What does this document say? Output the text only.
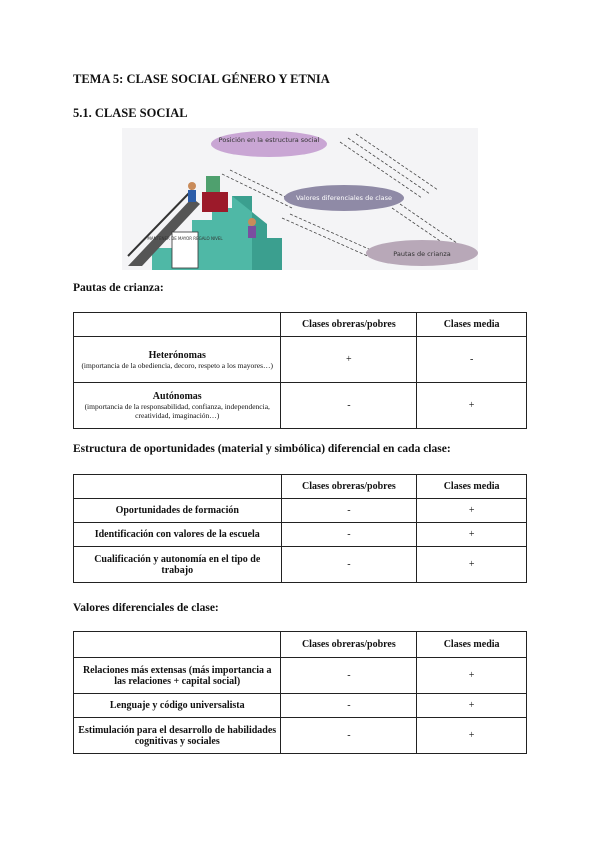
TEMA 5: CLASE SOCIAL GÉNERO Y ETNIA
5.1. CLASE SOCIAL
MANTENER DE MAYOR REGALO NIVEL
Posición en la estructura social
Valores diferenciales de clase
Pautas de crianza
Pautas de crianza:
	Clases obreras/pobres	Clases media
Heterónomas
(importancia de la obediencia, decoro, respeto a los mayores…)	+	-
Autónomas
(importancia de la responsabilidad, confianza, independencia, creatividad, imaginación…)	-	+
Estructura de oportunidades (material y simbólica) diferencial en cada clase:
	Clases obreras/pobres	Clases media
Oportunidades de formación	-	+
Identificación con valores de la escuela	-	+
Cualificación y autonomía en el tipo de trabajo	-	+
Valores diferenciales de clase:
	Clases obreras/pobres	Clases media
Relaciones más extensas (más importancia a las relaciones + capital social)	-	+
Lenguaje y código universalista	-	+
Estimulación para el desarrollo de habilidades cognitivas y sociales	-	+
